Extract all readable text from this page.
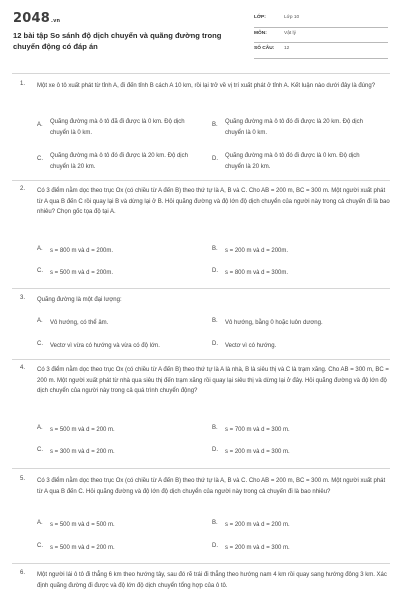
2048.vn
12 bài tập So sánh độ dịch chuyển và quãng đường trong chuyển động có đáp án
LỚP:	Lớp 10
MÔN:	Vật lý
SỐ CÂU: 12
1. Một xe ô tô xuất phát từ tỉnh A, đi đến tỉnh B cách A 10 km, rồi lại trở về vị trí xuất phát ở tỉnh A. Kết luận nào dưới đây là đúng?
A. Quãng đường mà ô tô đã đi được là 0 km. Độ dịch chuyển là 0 km.
B. Quãng đường mà ô tô đó đi được là 20 km. Độ dịch chuyển là 0 km.
C. Quãng đường mà ô tô đó đi được là 20 km. Độ dịch chuyển là 20 km.
D. Quãng đường mà ô tô đó đi được là 0 km. Độ dịch chuyển là 20 km.
2. Có 3 điểm nằm dọc theo trục Ox (có chiều từ A đến B) theo thứ tự là A, B và C. Cho AB = 200 m, BC = 300 m. Một người xuất phát từ A qua B đến C rồi quay lại B và dừng lại ở B. Hỏi quãng đường và độ lớn độ dịch chuyển của người này trong cả chuyến đi là bao nhiêu? Chọn gốc tọa độ tại A.
A. s = 800 m và d = 200m.	B. s = 200 m và d = 200m.
C. s = 500 m và d = 200m.	D. s = 800 m và d = 300m.
3. Quãng đường là một đại lượng:
A. Vô hướng, có thể âm.	B. Vô hướng, bằng 0 hoặc luôn dương.
C. Vectơ vì vừa có hướng và vừa có độ lớn.	D. Vectơ vì có hướng.
4. Có 3 điểm nằm dọc theo trục Ox (có chiều từ A đến B) theo thứ tự là A là nhà, B là siêu thị và C là trạm xăng. Cho AB = 300 m, BC = 200 m. Một người xuất phát từ nhà qua siêu thị đến trạm xăng rồi quay lại siêu thị và dừng lại ở đây. Hỏi quãng đường và độ lớn độ dịch chuyển của người này trong cả quá trình chuyển động?
A. s = 500 m và d = 200 m.	B. s = 700 m và d = 300 m.
C. s = 300 m và d = 200 m.	D. s = 200 m và d = 300 m.
5. Có 3 điểm nằm dọc theo trục Ox (có chiều từ A đến B) theo thứ tự là A, B và C. Cho AB = 200 m, BC = 300 m. Một người xuất phát từ A qua B đến C. Hỏi quãng đường và độ lớn độ dịch chuyển của người này trong cả chuyến đi là bao nhiêu?
A. s = 500 m và d = 500 m.	B. s = 200 m và d = 200 m.
C. s = 500 m và d = 200 m.	D. s = 200 m và d = 300 m.
6. Một người lái ô tô đi thẳng 6 km theo hướng tây, sau đó rẽ trái đi thẳng theo hướng nam 4 km rồi quay sang hướng đông 3 km. Xác định quãng đường đi được và độ lớn độ dịch chuyển tổng hợp của ô tô.
